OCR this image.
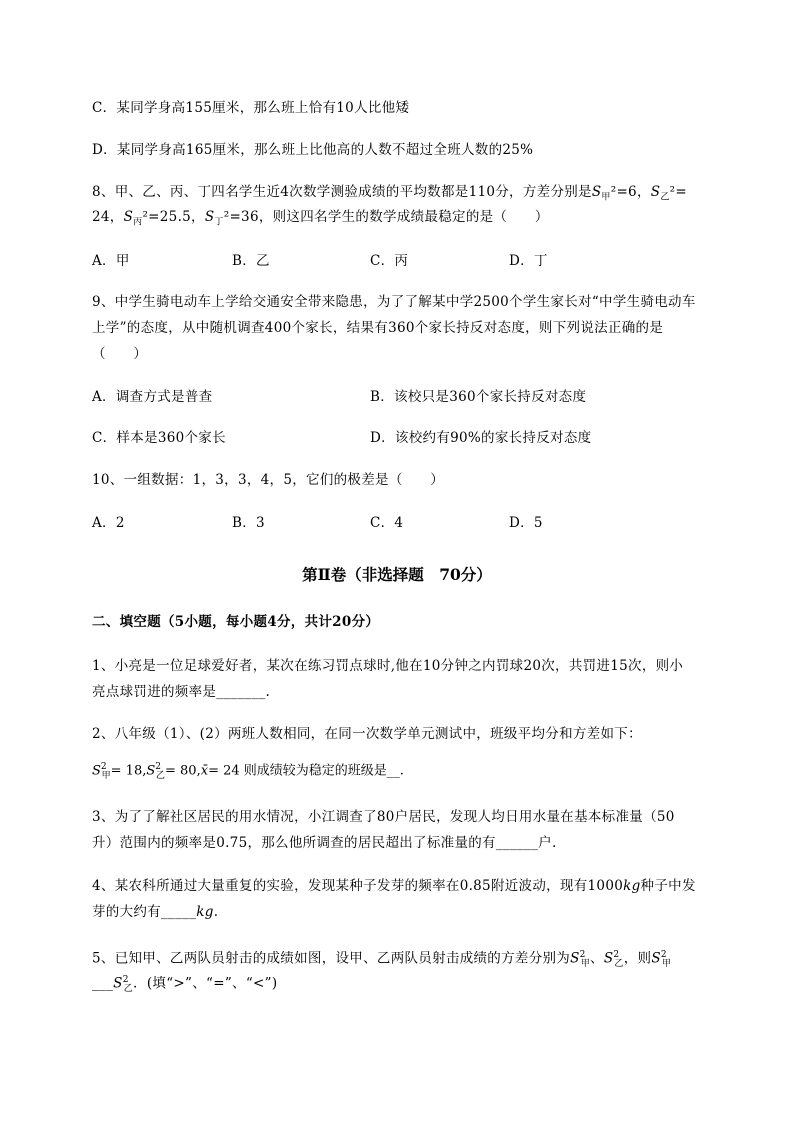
C．某同学身高155厘米，那么班上恰有10人比他矮
D．某同学身高165厘米，那么班上比他高的人数不超过全班人数的25%
8、甲、乙、丙、丁四名学生近4次数学测验成绩的平均数都是110分，方差分别是$S_甲^2=6$，$S_乙^2=$
24，$S_丙^2=25.5$，$S_丁^2=36$，则这四名学生的数学成绩最稳定的是（　　）
A．甲	B．乙	C．丙	D．丁
9、中学生骑电动车上学给交通安全带来隐患，为了了解某中学2500个学生家长对“中学生骑电动车
上学”的态度，从中随机调查400个家长，结果有360个家长持反对态度，则下列说法正确的是
（　　）
A．调查方式是普查	B．该校只是360个家长持反对态度
C．样本是360个家长	D．该校约有90%的家长持反对态度
10、一组数据：1，3，3，4，5，它们的极差是（　　）
A．2	B．3	C．4	D．5
第Ⅱ卷（非选择题　70分）
二、填空题（5小题，每小题4分，共计20分）
1、小亮是一位足球爱好者，某次在练习罚点球时,他在10分钟之内罚球20次，共罚进15次，则小
亮点球罚进的频率是_______.
2、八年级（1）、(2）两班人数相同，在同一次数学单元测试中，班级平均分和方差如下：
$S^2_甲= 18,S^2_乙=$ 80,x̄= 24 则成绩较为稳定的班级是__.
3、为了了解社区居民的用水情况，小江调查了80户居民，发现人均日用水量在基本标准量（50
升）范围内的频率是0.75，那么他所调查的居民超出了标准量的有______户.
4、某农科所通过大量重复的实验，发现某种子发芽的频率在0.85附近波动，现有1000kg种子中发
芽的大约有_____kg.
5、已知甲、乙两队员射击的成绩如图，设甲、乙两队员射击成绩的方差分别为$S^2_甲$、$S^2_乙$，则$S^2_甲$
$\_\_\_S^2_乙$．(填“>”、“=”、“<”)
